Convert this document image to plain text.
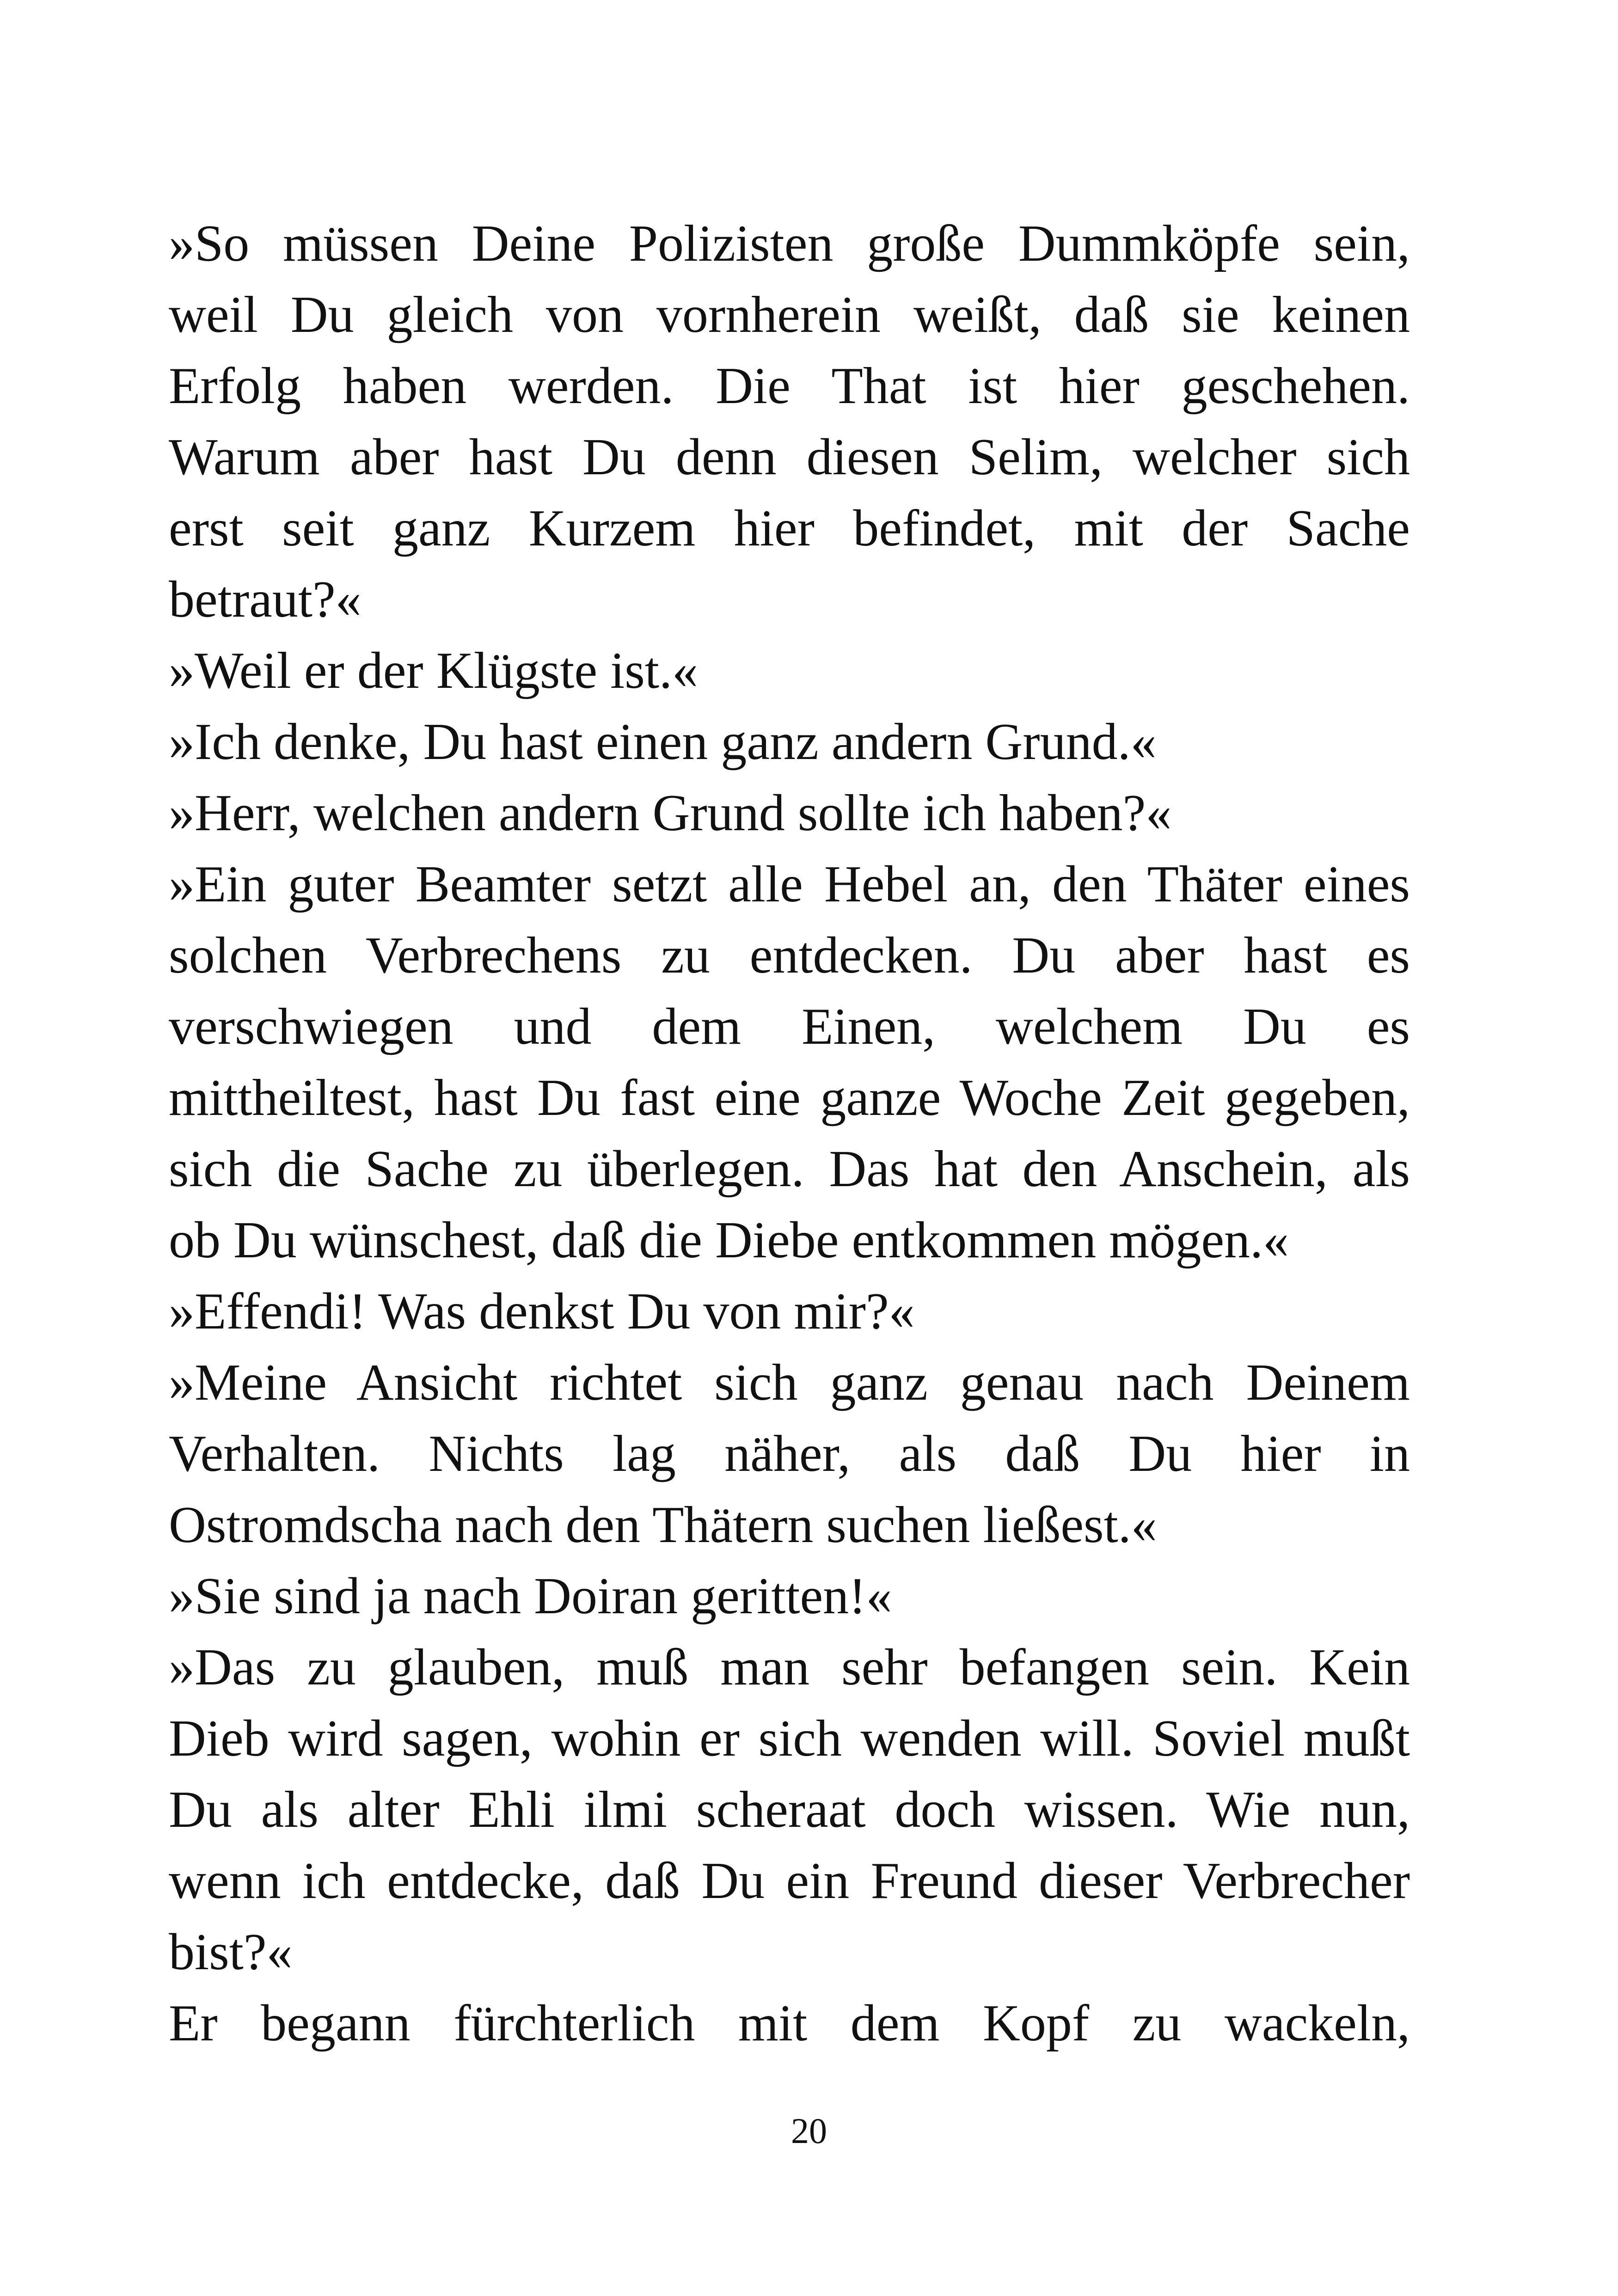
»So müssen Deine Polizisten große Dummköpfe sein,
weil Du gleich von vornherein weißt, daß sie keinen
Erfolg haben werden. Die That ist hier geschehen.
Warum aber hast Du denn diesen Selim, welcher sich
erst seit ganz Kurzem hier befindet, mit der Sache
betraut?«
»Weil er der Klügste ist.«
»Ich denke, Du hast einen ganz andern Grund.«
»Herr, welchen andern Grund sollte ich haben?«
»Ein guter Beamter setzt alle Hebel an, den Thäter eines
solchen Verbrechens zu entdecken. Du aber hast es
verschwiegen und dem Einen, welchem Du es
mittheiltest, hast Du fast eine ganze Woche Zeit gegeben,
sich die Sache zu überlegen. Das hat den Anschein, als
ob Du wünschest, daß die Diebe entkommen mögen.«
»Effendi! Was denkst Du von mir?«
»Meine Ansicht richtet sich ganz genau nach Deinem
Verhalten. Nichts lag näher, als daß Du hier in
Ostromdscha nach den Thätern suchen ließest.«
»Sie sind ja nach Doiran geritten!«
»Das zu glauben, muß man sehr befangen sein. Kein
Dieb wird sagen, wohin er sich wenden will. Soviel mußt
Du als alter Ehli ilmi scheraat doch wissen. Wie nun,
wenn ich entdecke, daß Du ein Freund dieser Verbrecher
bist?«
Er begann fürchterlich mit dem Kopf zu wackeln,
20
